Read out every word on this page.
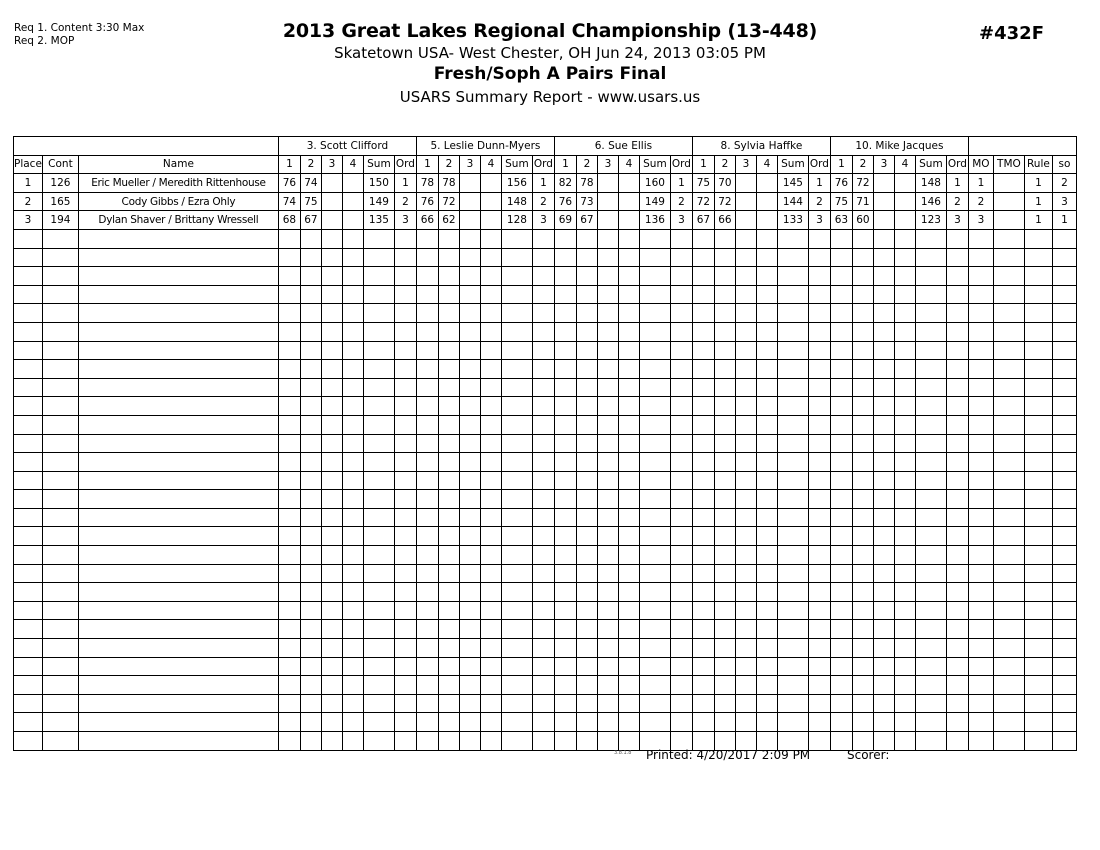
Req 1. Content 3:30 Max
Req 2. MOP	2013 Great Lakes Regional Championship (13-448)
Skatetown USA- West Chester, OH Jun 24, 2013 03:05 PM
Fresh/Soph A Pairs Final
USARS Summary Report - www.usars.us
#432F
			3. Scott Clifford						5. Leslie Dunn-Myers						6. Sue Ellis						8. Sylvia Haffke						10. Mike Jacques									
Place	Cont	Name	1	2	3	4	Sum	Ord	1	2	3	4	Sum	Ord	1	2	3	4	Sum	Ord	1	2	3	4	Sum	Ord	1	2	3	4	Sum	Ord	MO	TMO	Rule	so
1	126	Eric Mueller / Meredith Rittenhouse	76	74			150	1	78	78			156	1	82	78			160	1	75	70			145	1	76	72			148	1	1		1	2
2	165	Cody Gibbs / Ezra Ohly	74	75			149	2	76	72			148	2	76	73			149	2	72	72			144	2	75	71			146	2	2		1	3
3	194	Dylan Shaver / Brittany Wressell	68	67			135	3	66	62			128	3	69	67			136	3	67	66			133	3	63	60			123	3	3		1	1

3.8.1.8 Printed: 4/20/2017 2:09 PM	Scorer:
